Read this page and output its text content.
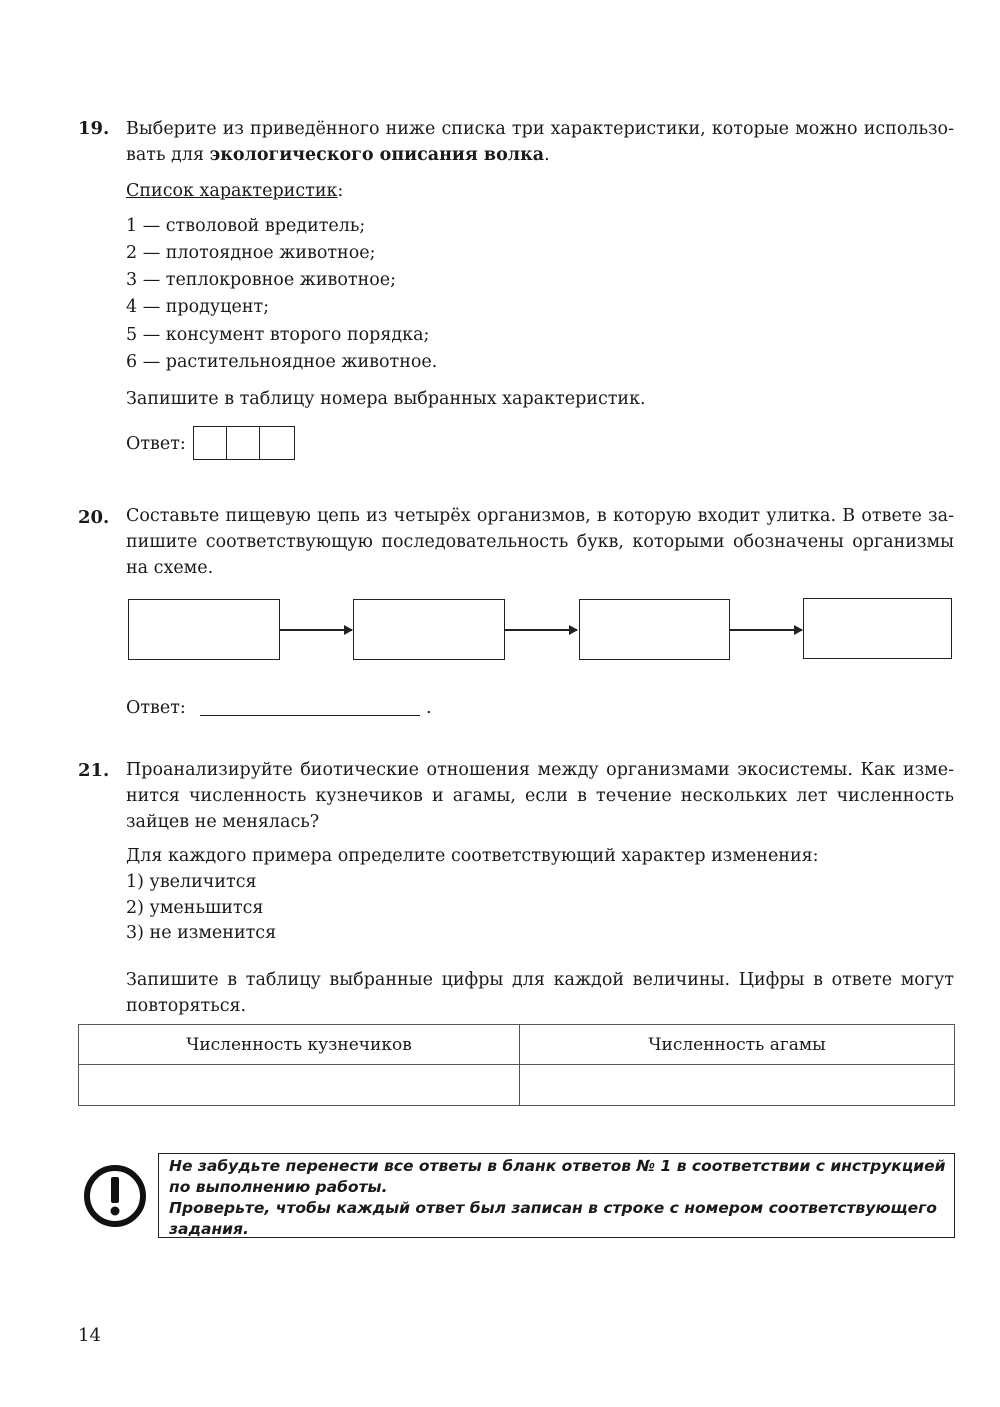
19. Выберите из приведённого ниже списка три характеристики, которые можно использо-вать для экологического описания волка.
Список характеристик:
1 — стволовой вредитель;
2 — плотоядное животное;
3 — теплокровное животное;
4 — продуцент;
5 — консумент второго порядка;
6 — растительноядное животное.
Запишите в таблицу номера выбранных характеристик.
Ответ:
20. Составьте пищевую цепь из четырёх организмов, в которую входит улитка. В ответе за-пишите соответствующую последовательность букв, которыми обозначены организмы на схеме.
Ответ:	.
21. Проанализируйте биотические отношения между организмами экосистемы. Как изме-нится численность кузнечиков и агамы, если в течение нескольких лет численность зайцев не менялась?
Для каждого примера определите соответствующий характер изменения:
1) увеличится
2) уменьшится
3) не изменится
Запишите в таблицу выбранные цифры для каждой величины. Цифры в ответе могут повторяться.
Численность кузнечиков	Численность агамы

Не забудьте перенести все ответы в бланк ответов № 1 в соответствии с инструкцией по выполнению работы.
Проверьте, чтобы каждый ответ был записан в строке с номером соответствующего задания.
14
